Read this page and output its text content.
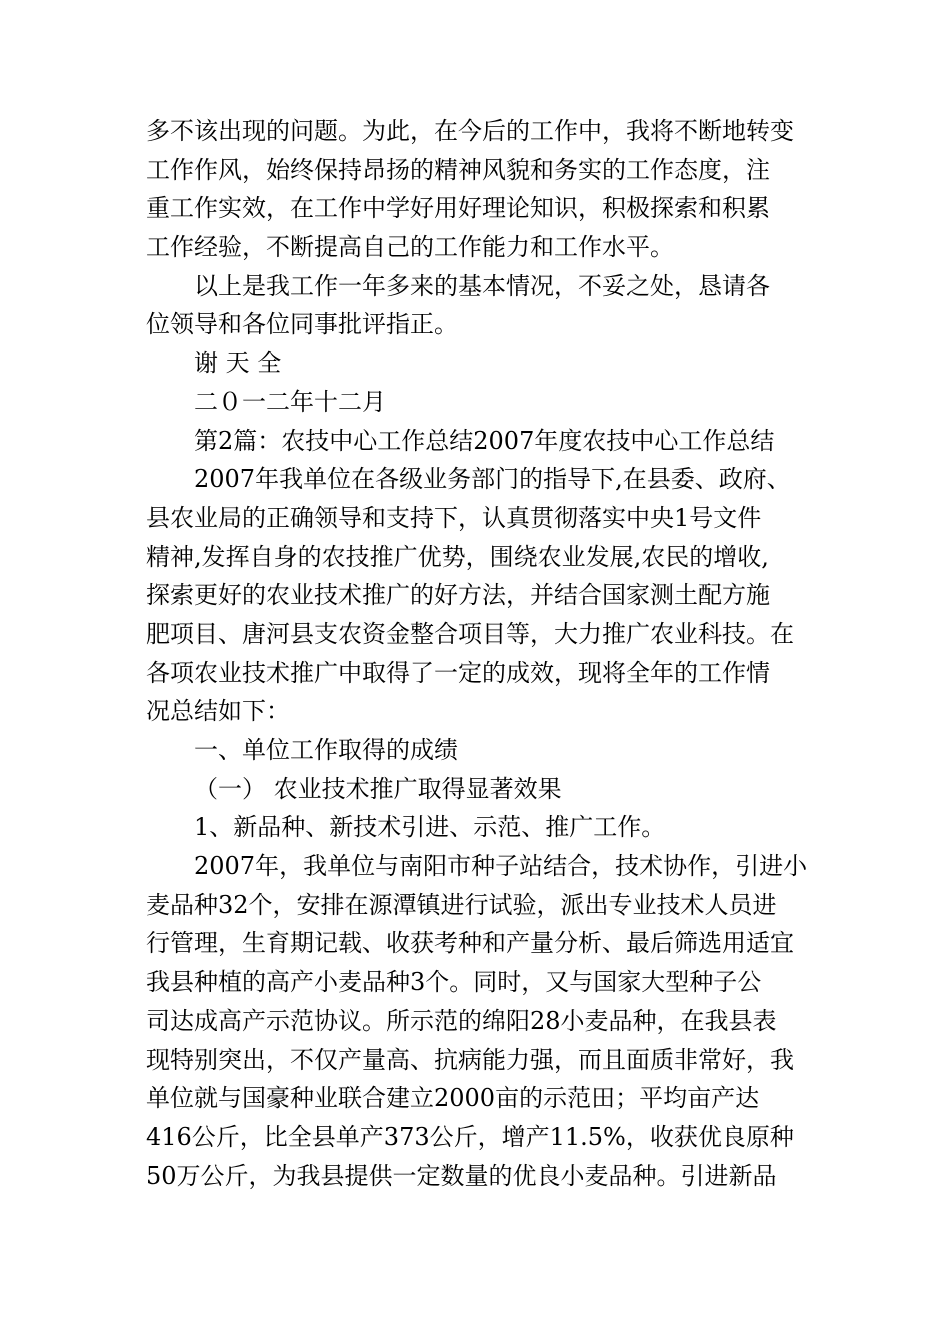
多不该出现的问题。为此，在今后的工作中，我将不断地转变
工作作风，始终保持昂扬的精神风貌和务实的工作态度，注
重工作实效，在工作中学好用好理论知识，积极探索和积累
工作经验，不断提高自己的工作能力和工作水平。
以上是我工作一年多来的基本情况，不妥之处，恳请各
位领导和各位同事批评指正。
谢 天 全
二０一二年十二月
第2篇：农技中心工作总结2007年度农技中心工作总结
2007年我单位在各级业务部门的指导下,在县委、政府、
县农业局的正确领导和支持下，认真贯彻落实中央1号文件
精神,发挥自身的农技推广优势，围绕农业发展,农民的增收,
探索更好的农业技术推广的好方法，并结合国家测土配方施
肥项目、唐河县支农资金整合项目等，大力推广农业科技。在
各项农业技术推广中取得了一定的成效，现将全年的工作情
况总结如下：
一、单位工作取得的成绩
（一） 农业技术推广取得显著效果
1、新品种、新技术引进、示范、推广工作。
2007年，我单位与南阳市种子站结合，技术协作，引进小
麦品种32个，安排在源潭镇进行试验，派出专业技术人员进
行管理，生育期记载、收获考种和产量分析、最后筛选用适宜
我县种植的高产小麦品种3个。同时，又与国家大型种子公
司达成高产示范协议。所示范的绵阳28小麦品种，在我县表
现特别突出，不仅产量高、抗病能力强，而且面质非常好，我
单位就与国豪种业联合建立2000亩的示范田；平均亩产达
416公斤，比全县单产373公斤，增产11.5%，收获优良原种
50万公斤，为我县提供一定数量的优良小麦品种。引进新品
